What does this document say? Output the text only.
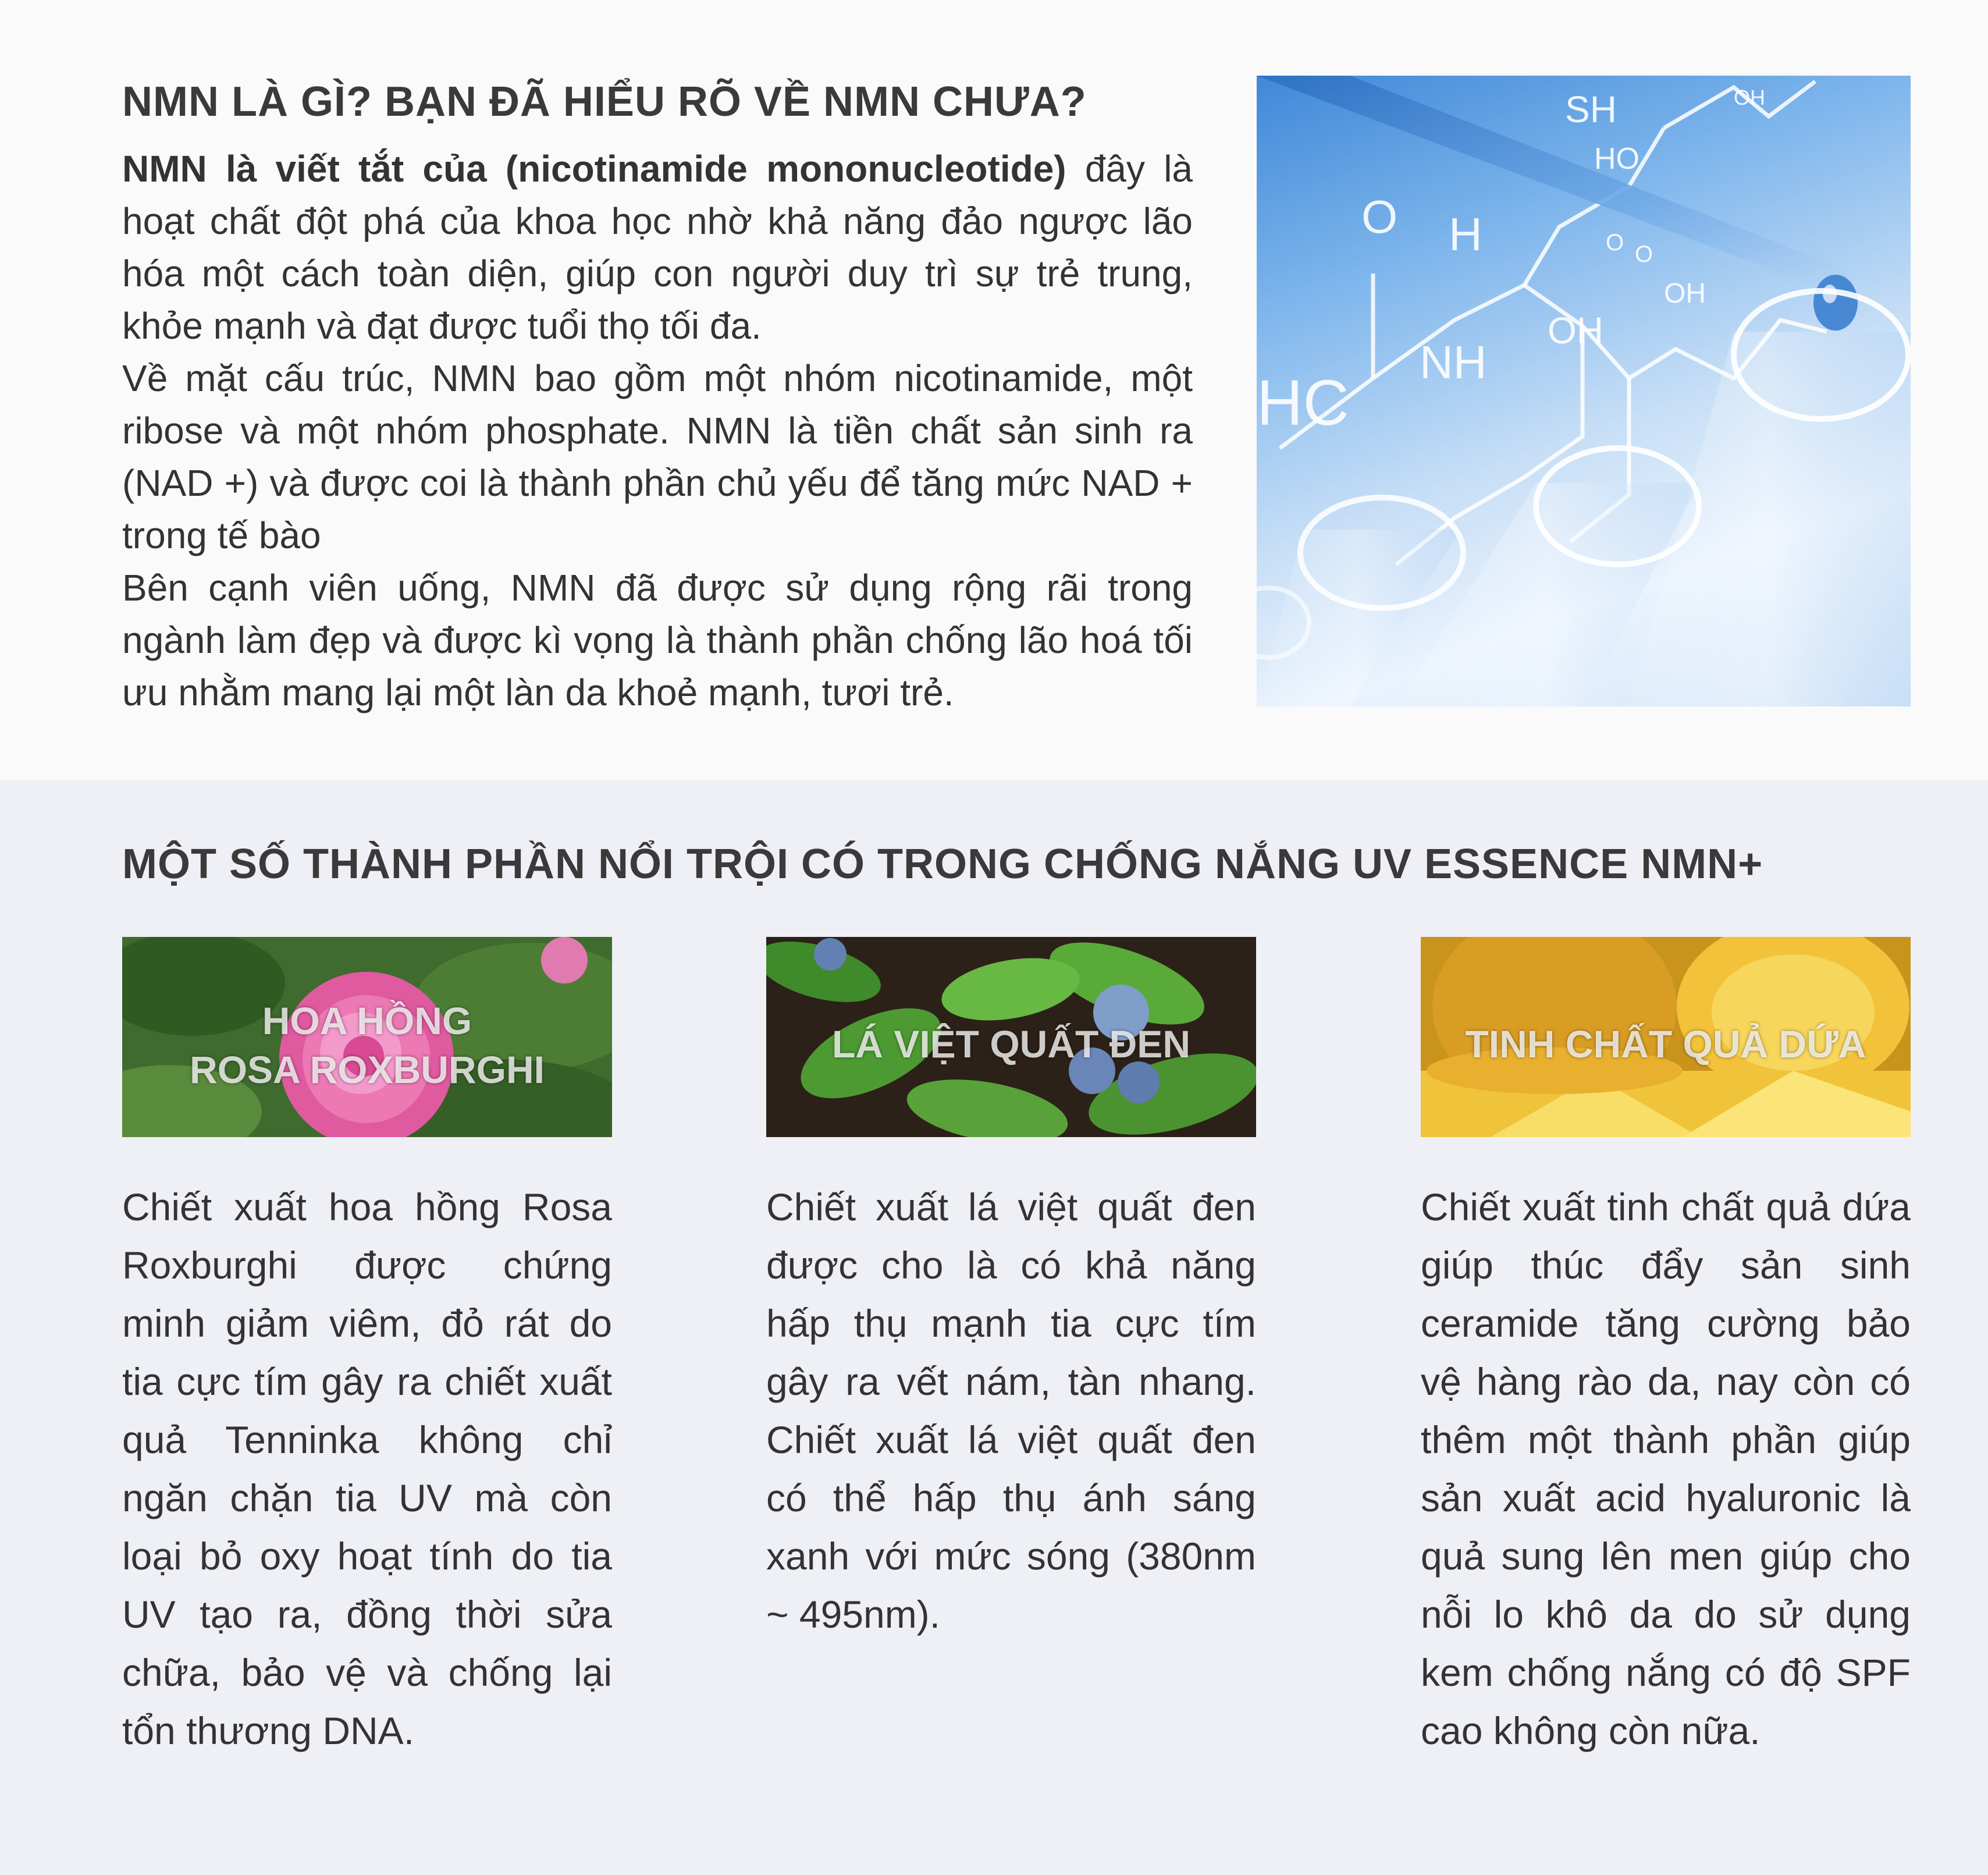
NMN LÀ GÌ? BẠN ĐÃ HIỂU RÕ VỀ NMN CHƯA?

NMN là viết tắt của (nicotinamide mononucleotide) đây là hoạt chất đột phá của khoa học nhờ khả năng đảo ngược lão hóa một cách toàn diện, giúp con người duy trì sự trẻ trung, khỏe mạnh và đạt được tuổi thọ tối đa.

Về mặt cấu trúc, NMN bao gồm một nhóm nicotinamide, một ribose và một nhóm phosphate. NMN là tiền chất sản sinh ra (NAD +) và được coi là thành phần chủ yếu để tăng mức NAD + trong tế bào

Bên cạnh viên uống, NMN đã được sử dụng rộng rãi trong ngành làm đẹp và được kì vọng là thành phần chống lão hoá tối ưu nhằm mang lại một làn da khoẻ mạnh, tươi trẻ.

SH
HO
OH
O H
NH
HC
OH
OH
O O
MỘT SỐ THÀNH PHẦN NỔI TRỘI CÓ TRONG CHỐNG NẮNG UV ESSENCE NMN+
HOA HỒNG
ROSA ROXBURGHI
Chiết xuất hoa hồng Rosa Roxburghi được chứng minh giảm viêm, đỏ rát do tia cực tím gây ra chiết xuất quả Tenninka không chỉ ngăn chặn tia UV mà còn loại bỏ oxy hoạt tính do tia UV tạo ra, đồng thời sửa chữa, bảo vệ và chống lại tổn thương DNA.
LÁ VIỆT QUẤT ĐEN
Chiết xuất lá việt quất đen được cho là có khả năng hấp thụ mạnh tia cực tím gây ra vết nám, tàn nhang. Chiết xuất lá việt quất đen có thể hấp thụ ánh sáng xanh với mức sóng (380nm ~ 495nm).
TINH CHẤT QUẢ DỨA
Chiết xuất tinh chất quả dứa giúp thúc đẩy sản sinh ceramide tăng cường bảo vệ hàng rào da, nay còn có thêm một thành phần giúp sản xuất acid hyaluronic là quả sung lên men giúp cho nỗi lo khô da do sử dụng kem chống nắng có độ SPF cao không còn nữa.
